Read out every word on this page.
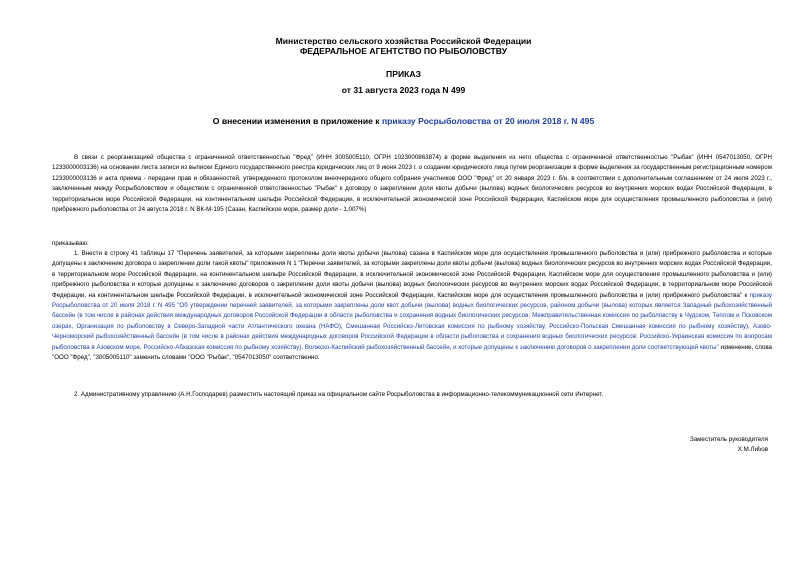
Министерство сельского хозяйства Российской Федерации
ФЕДЕРАЛЬНОЕ АГЕНТСТВО ПО РЫБОЛОВСТВУ
ПРИКАЗ
от 31 августа 2023 года N 499
О внесении изменения в приложение к приказу Росрыболовства от 20 июля 2018 г. N 495

В связи с реорганизацией общества с ограниченной ответственностью "Фред" (ИНН 3005005110, ОГРН 1023000863874) в форме выделения из него общества с ограниченной ответственностью "Рыбак" (ИНН 0547013050, ОГРН 1233000003136) на основании листа записи из выписки Единого государственного реестра юридических лиц от 9 июня 2023 г. о создании юридического лица путем реорганизации в форме выделения за государственным регистрационным номером 1233000003136 и акта приема - передачи прав и обязанностей, утвержденного протоколом внеочередного общего собрания участников ООО "Фред" от 20 января 2023 г. б/н, в соответствии с дополнительным соглашением от 24 июля 2023 г., заключенным между Росрыболовством и обществом с ограниченной ответственностью "Рыбак" к договору о закреплении доли квоты добычи (вылова) водных биологических ресурсов во внутренних морских водах Российской Федерации, в территориальном море Российской Федерации, на континентальном шельфе Российской Федерации, в исключительной экономической зоне Российской Федерации, Каспийском море для осуществления промышленного рыболовства и (или) прибрежного рыболовства от 24 августа 2018 г. N ВК-М-195 (Сазан, Каспийское море, размер доли - 1,007%)

приказываю:

1. Внести в строку 41 таблицы 17 "Перечень заявителей, за которыми закреплены доли квоты добычи (вылова) сазана в Каспийском море для осуществления промышленного рыболовства и (или) прибрежного рыболовства и которые допущены к заключению договора о закреплении доли такой квоты" приложения N 1 "Перечни заявителей, за которыми закреплены доли квоты добычи (вылова) водных биологических ресурсов во внутренних морских водах Российской Федерации, в территориальном море Российской Федерации, на континентальном шельфе Российской Федерации, в исключительной экономической зоне Российской Федерации, Каспийском море для осуществления промышленного рыболовства и (или) прибрежного рыболовства и которые допущены к заключению договоров о закреплении доли квоты добычи (вылова) водных биологических ресурсов во внутренних морских водах Российской Федерации, в территориальном море Российской Федерации, на континентальном шельфе Российской Федерации, в исключительной экономической зоне Российской Федерации, Каспийском море для осуществления промышленного рыболовства и (или) прибрежного рыболовства" к приказу Росрыболовства от 20 июля 2018 г. N 495 "Об утверждении перечней заявителей, за которыми закреплены доли квот добычи (вылова) водных биологических ресурсов, районом добычи (вылова) которых является Западный рыбохозяйственный бассейн (в том числе в районах действия международных договоров Российской Федерации в области рыболовства и сохранения водных биологических ресурсов: Межправительственная комиссия по рыболовству в Чудском, Теплом и Псковском озерах, Организация по рыболовству в Северо-Западной части Атлантического океана (НАФО), Смешанная Российско-Литовская комиссия по рыбному хозяйству, Российско-Польская Смешанная комиссия по рыбному хозяйству), Азово-Черноморский рыбохозяйственный бассейн (в том числе в районах действия международных договоров Российской Федерации в области рыболовства и сохранения водных биологических ресурсов: Российско-Украинская комиссия по вопросам рыболовства в Азовском море, Российско-Абхазская комиссия по рыбному хозяйству), Волжско-Каспийский рыбохозяйственный бассейн, и которые допущены к заключению договоров о закреплении доли соответствующей квоты" изменение, слова "ООО "Фред", "3005005110" заменить словами "ООО "Рыбак", "0547013050" соответственно.

2. Административному управлению (А.Н.Господарев) разместить настоящий приказ на официальном сайте Росрыболовства в информационно-телекоммуникационной сети Интернет.

Заместитель руководителя
Х.М.Лиხов
